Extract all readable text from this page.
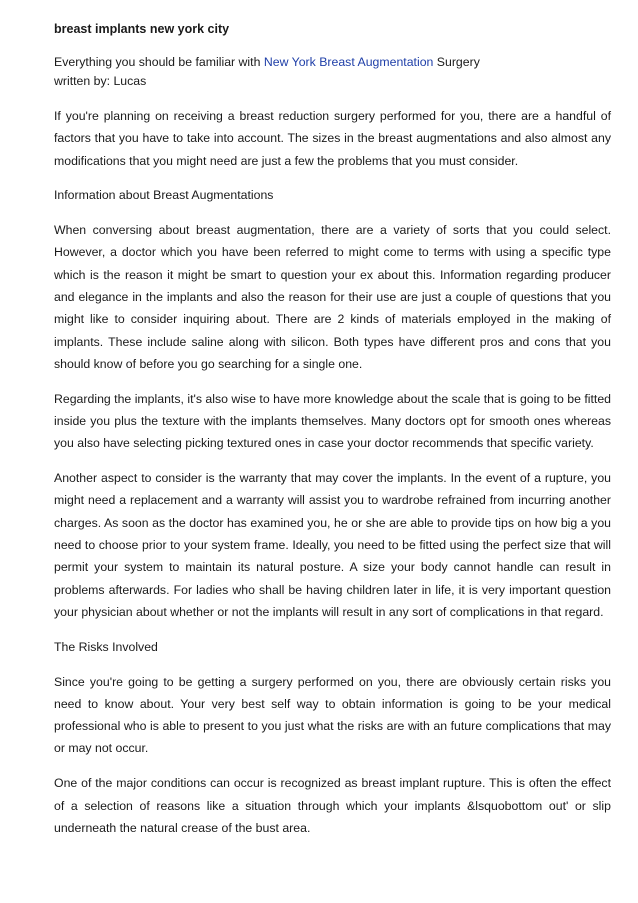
breast implants new york city

Everything you should be familiar with New York Breast Augmentation Surgery

written by: Lucas

If you're planning on receiving a breast reduction surgery performed for you, there are a handful of factors that you have to take into account. The sizes in the breast augmentations and also almost any modifications that you might need are just a few the problems that you must consider.

Information about Breast Augmentations

When conversing about breast augmentation, there are a variety of sorts that you could select. However, a doctor which you have been referred to might come to terms with using a specific type which is the reason it might be smart to question your ex about this. Information regarding producer and elegance in the implants and also the reason for their use are just a couple of questions that you might like to consider inquiring about. There are 2 kinds of materials employed in the making of implants. These include saline along with silicon. Both types have different pros and cons that you should know of before you go searching for a single one.

Regarding the implants, it's also wise to have more knowledge about the scale that is going to be fitted inside you plus the texture with the implants themselves. Many doctors opt for smooth ones whereas you also have selecting picking textured ones in case your doctor recommends that specific variety.

Another aspect to consider is the warranty that may cover the implants. In the event of a rupture, you might need a replacement and a warranty will assist you to wardrobe refrained from incurring another charges. As soon as the doctor has examined you, he or she are able to provide tips on how big a you need to choose prior to your system frame. Ideally, you need to be fitted using the perfect size that will permit your system to maintain its natural posture. A size your body cannot handle can result in problems afterwards. For ladies who shall be having children later in life, it is very important question your physician about whether or not the implants will result in any sort of complications in that regard.

The Risks Involved

Since you're going to be getting a surgery performed on you, there are obviously certain risks you need to know about. Your very best self way to obtain information is going to be your medical professional who is able to present to you just what the risks are with an future complications that may or may not occur.

One of the major conditions can occur is recognized as breast implant rupture. This is often the effect of a selection of reasons like a situation through which your implants &lsquobottom out' or slip underneath the natural crease of the bust area.
